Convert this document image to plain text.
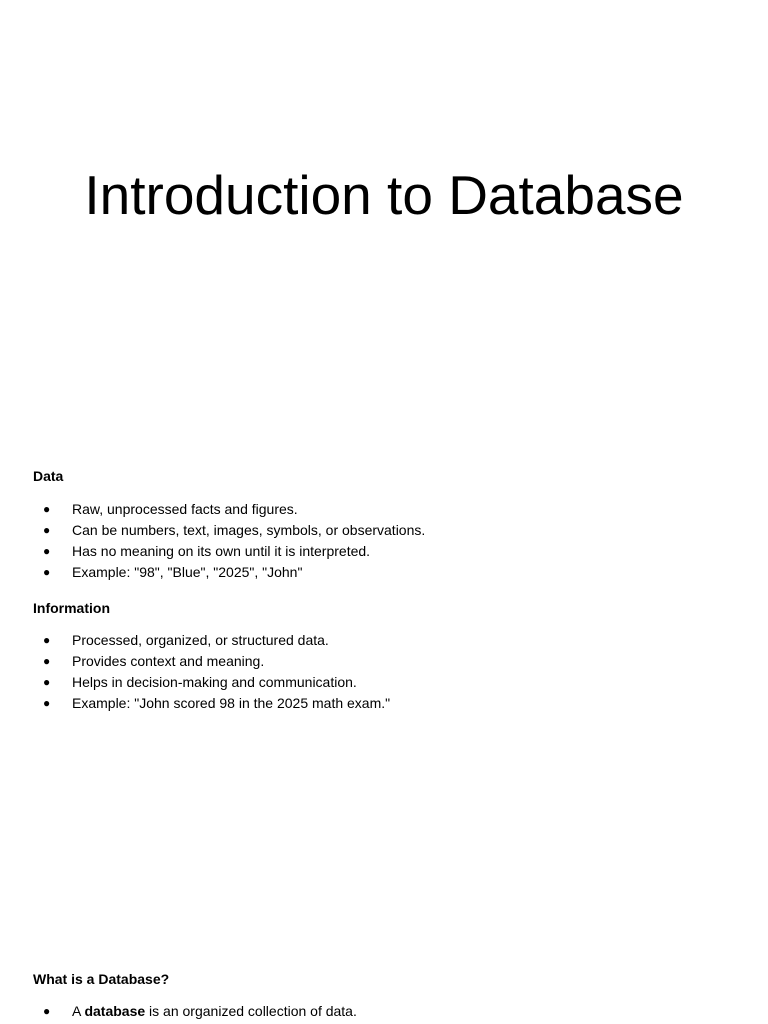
Introduction to Database
Data
● Raw, unprocessed facts and figures.
● Can be numbers, text, images, symbols, or observations.
● Has no meaning on its own until it is interpreted.
● Example: "98", "Blue", "2025", "John"
Information
● Processed, organized, or structured data.
● Provides context and meaning.
● Helps in decision-making and communication.
● Example: "John scored 98 in the 2025 math exam."
What is a Database?
● A database is an organized collection of data.
